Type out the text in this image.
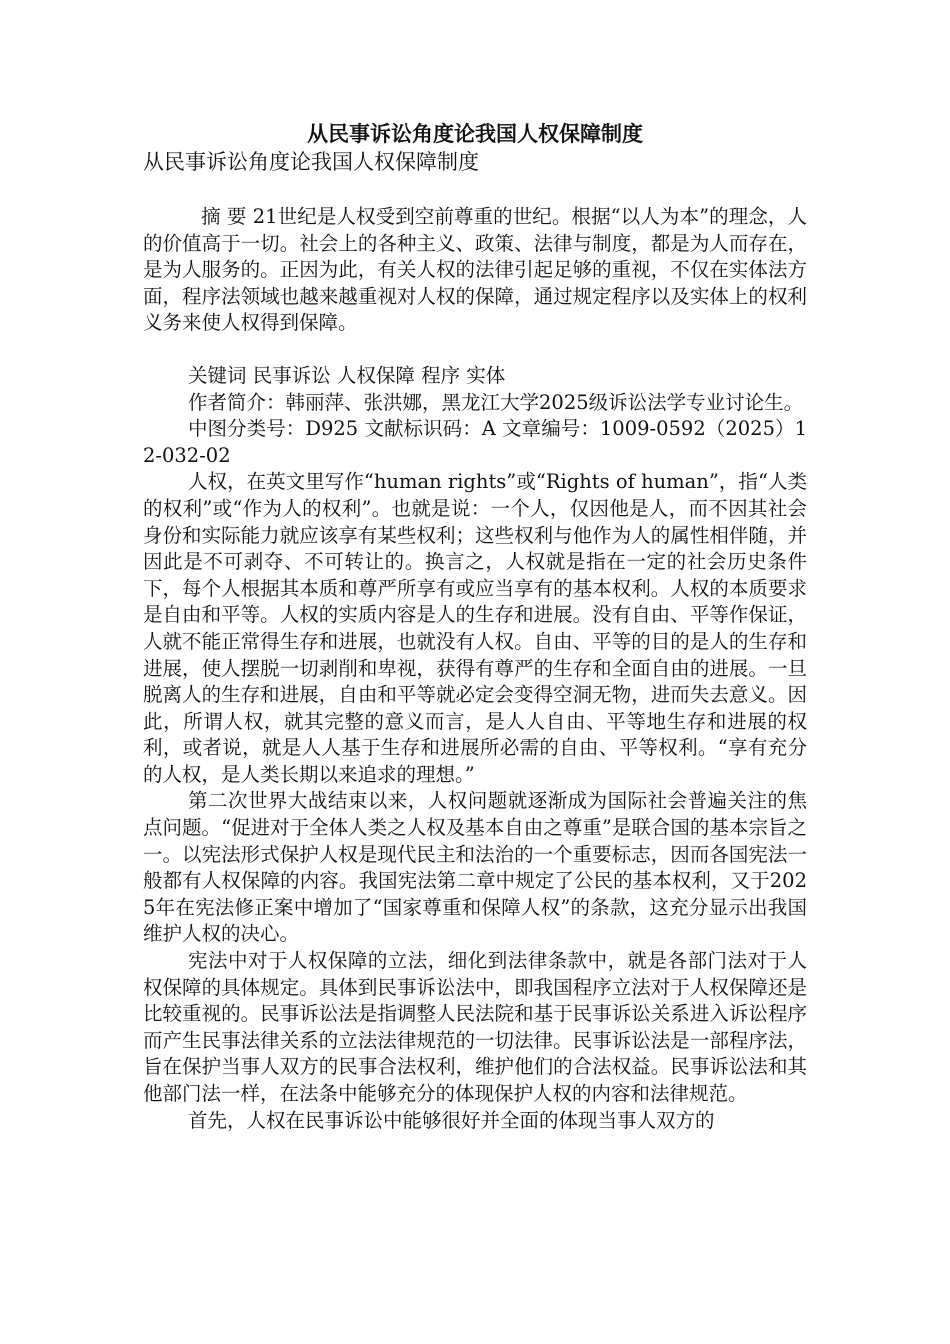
从民事诉讼角度论我国人权保障制度

从民事诉讼角度论我国人权保障制度

摘 要 21世纪是人权受到空前尊重的世纪。根据“以人为本”的理念，人的价值高于一切。社会上的各种主义、政策、法律与制度，都是为人而存在，是为人服务的。正因为此，有关人权的法律引起足够的重视，不仅在实体法方面，程序法领域也越来越重视对人权的保障，通过规定程序以及实体上的权利义务来使人权得到保障。

关键词 民事诉讼 人权保障 程序 实体

作者简介：韩丽萍、张洪娜，黑龙江大学2025级诉讼法学专业讨论生。

中图分类号：D925 文献标识码：A 文章编号：1009-0592（2025）12-032-02

人权，在英文里写作“human rights”或“Rights of human”，指“人类的权利”或“作为人的权利”。也就是说：一个人，仅因他是人，而不因其社会身份和实际能力就应该享有某些权利；这些权利与他作为人的属性相伴随，并因此是不可剥夺、不可转让的。换言之，人权就是指在一定的社会历史条件下，每个人根据其本质和尊严所享有或应当享有的基本权利。人权的本质要求是自由和平等。人权的实质内容是人的生存和进展。没有自由、平等作保证，人就不能正常得生存和进展，也就没有人权。自由、平等的目的是人的生存和进展，使人摆脱一切剥削和卑视，获得有尊严的生存和全面自由的进展。一旦脱离人的生存和进展，自由和平等就必定会变得空洞无物，进而失去意义。因此，所谓人权，就其完整的意义而言，是人人自由、平等地生存和进展的权利，或者说，就是人人基于生存和进展所必需的自由、平等权利。“享有充分的人权，是人类长期以来追求的理想。”

第二次世界大战结束以来，人权问题就逐渐成为国际社会普遍关注的焦点问题。“促进对于全体人类之人权及基本自由之尊重”是联合国的基本宗旨之一。以宪法形式保护人权是现代民主和法治的一个重要标志，因而各国宪法一般都有人权保障的内容。我国宪法第二章中规定了公民的基本权利，又于2025年在宪法修正案中增加了“国家尊重和保障人权”的条款，这充分显示出我国维护人权的决心。

宪法中对于人权保障的立法，细化到法律条款中，就是各部门法对于人权保障的具体规定。具体到民事诉讼法中，即我国程序立法对于人权保障还是比较重视的。民事诉讼法是指调整人民法院和基于民事诉讼关系进入诉讼程序而产生民事法律关系的立法法律规范的一切法律。民事诉讼法是一部程序法，旨在保护当事人双方的民事合法权利，维护他们的合法权益。民事诉讼法和其他部门法一样，在法条中能够充分的体现保护人权的内容和法律规范。

首先，人权在民事诉讼中能够很好并全面的体现当事人双方的
